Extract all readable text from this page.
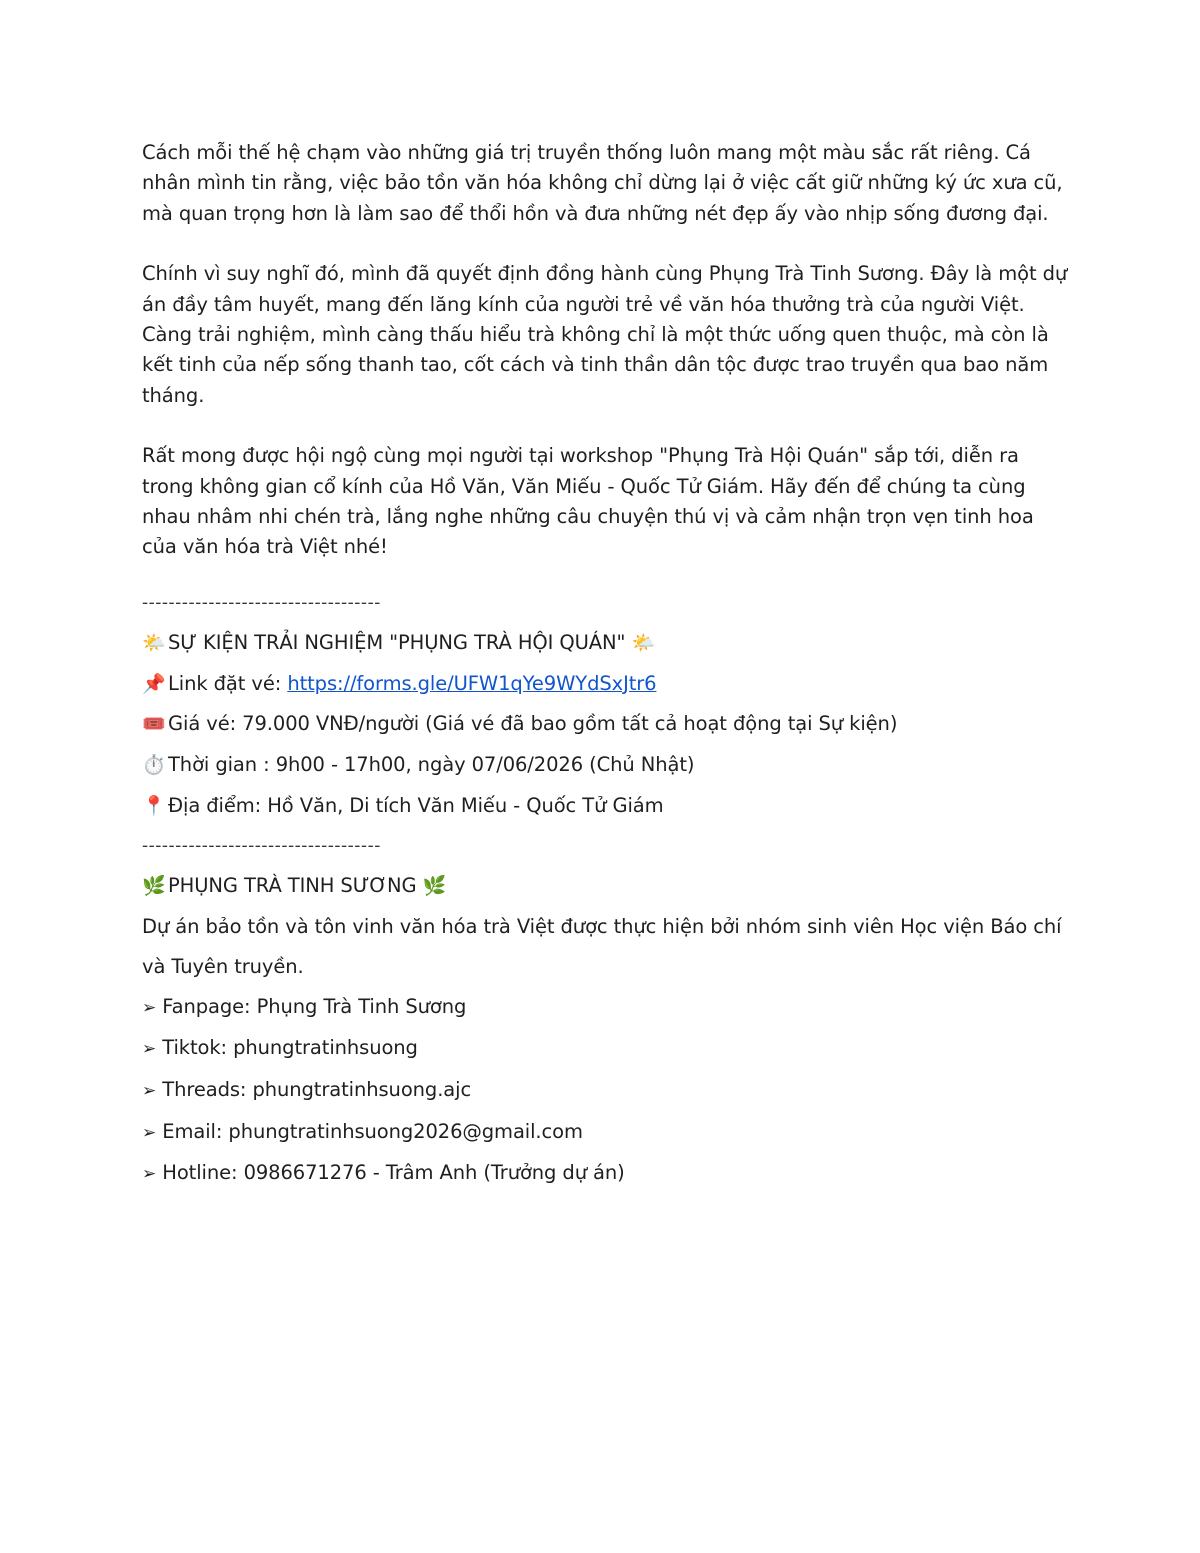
Cách mỗi thế hệ chạm vào những giá trị truyền thống luôn mang một màu sắc rất riêng. Cá nhân mình tin rằng, việc bảo tồn văn hóa không chỉ dừng lại ở việc cất giữ những ký ức xưa cũ, mà quan trọng hơn là làm sao để thổi hồn và đưa những nét đẹp ấy vào nhịp sống đương đại.

Chính vì suy nghĩ đó, mình đã quyết định đồng hành cùng Phụng Trà Tinh Sương. Đây là một dự án đầy tâm huyết, mang đến lăng kính của người trẻ về văn hóa thưởng trà của người Việt. Càng trải nghiệm, mình càng thấu hiểu trà không chỉ là một thức uống quen thuộc, mà còn là kết tinh của nếp sống thanh tao, cốt cách và tinh thần dân tộc được trao truyền qua bao năm tháng.

Rất mong được hội ngộ cùng mọi người tại workshop "Phụng Trà Hội Quán" sắp tới, diễn ra trong không gian cổ kính của Hồ Văn, Văn Miếu - Quốc Tử Giám. Hãy đến để chúng ta cùng nhau nhâm nhi chén trà, lắng nghe những câu chuyện thú vị và cảm nhận trọn vẹn tinh hoa của văn hóa trà Việt nhé!

------------------------------------
🌤️ SỰ KIỆN TRẢI NGHIỆM "PHỤNG TRÀ HỘI QUÁN" 🌤️
📌 Link đặt vé: https://forms.gle/UFW1qYe9WYdSxJtr6
🎟️ Giá vé: 79.000 VNĐ/người (Giá vé đã bao gồm tất cả hoạt động tại Sự kiện)
⏱️ Thời gian : 9h00 - 17h00, ngày 07/06/2026 (Chủ Nhật)
📍 Địa điểm: Hồ Văn, Di tích Văn Miếu - Quốc Tử Giám
------------------------------------
🌿 PHỤNG TRÀ TINH SƯƠNG 🌿
Dự án bảo tồn và tôn vinh văn hóa trà Việt được thực hiện bởi nhóm sinh viên Học viện Báo chí và Tuyên truyền.
➢ Fanpage: Phụng Trà Tinh Sương
➢ Tiktok: phungtratinhsuong
➢ Threads: phungtratinhsuong.ajc
➢ Email: phungtratinhsuong2026@gmail.com
➢ Hotline: 0986671276 - Trâm Anh (Trưởng dự án)
